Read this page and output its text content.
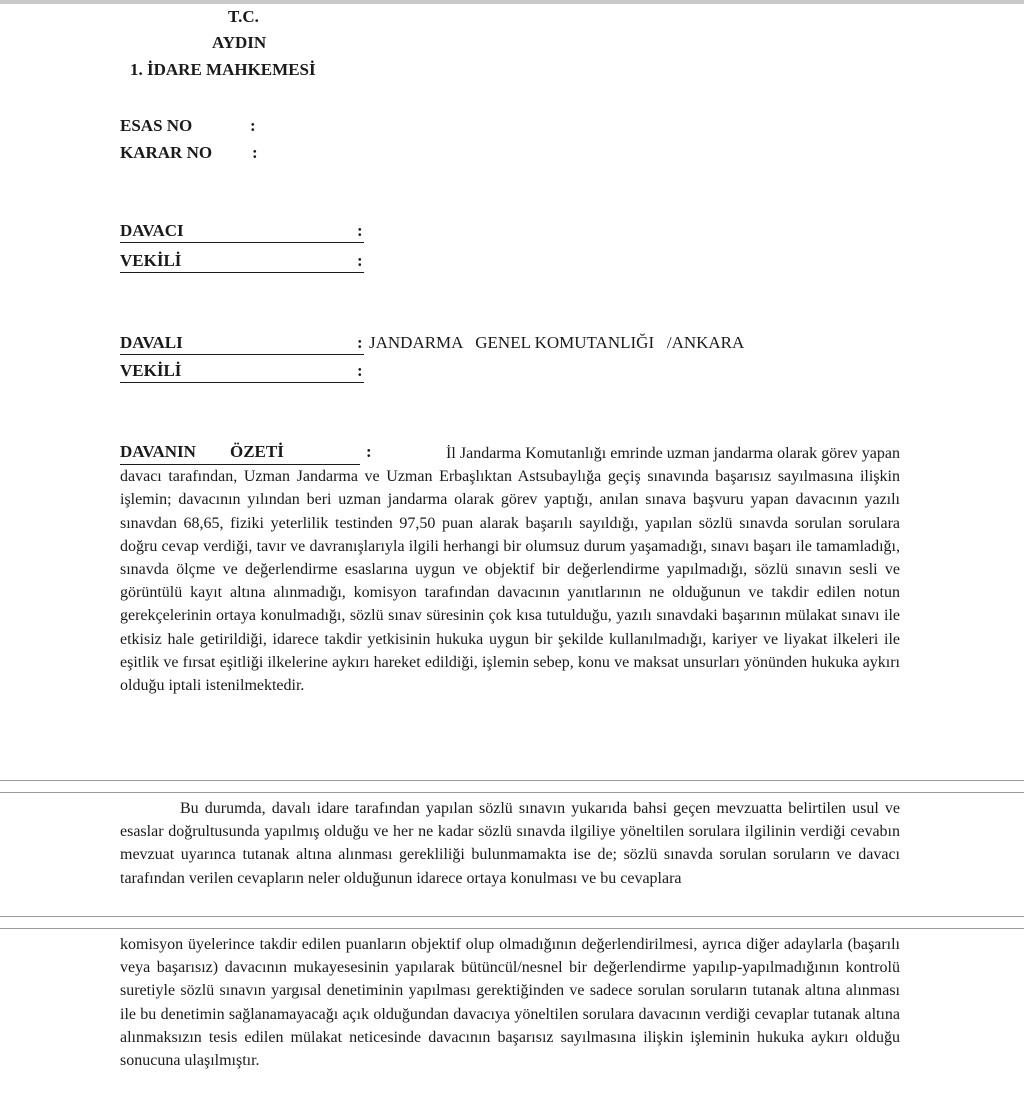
T.C.
AYDIN
1. İDARE MAHKEMESİ
ESAS NO	:
KARAR NO :
DAVACI	:
VEKİLİ	:
DAVALI	: JANDARMA   GENEL KOMUTANLIĞI   /ANKARA
VEKİLİ	:
DAVANIN ÖZETİ	:	İl Jandarma Komutanlığı emrinde uzman jandarma olarak görev yapan davacı tarafından, Uzman Jandarma ve Uzman Erbaşlıktan Astsubaylığa geçiş sınavında başarısız sayılmasına ilişkin işlemin; davacının yılından beri uzman jandarma olarak görev yaptığı, anılan sınava başvuru yapan davacının yazılı sınavdan 68,65, fiziki yeterlilik testinden 97,50 puan alarak başarılı sayıldığı, yapılan sözlü sınavda sorulan sorulara doğru cevap verdiği, tavır ve davranışlarıyla ilgili herhangi bir olumsuz durum yaşamadığı, sınavı başarı ile tamamladığı, sınavda ölçme ve değerlendirme esaslarına uygun ve objektif bir değerlendirme yapılmadığı, sözlü sınavın sesli ve görüntülü kayıt altına alınmadığı, komisyon tarafından davacının yanıtlarının ne olduğunun ve takdir edilen notun gerekçelerinin ortaya konulmadığı, sözlü sınav süresinin çok kısa tutulduğu, yazılı sınavdaki başarının mülakat sınavı ile etkisiz hale getirildiği, idarece takdir yetkisinin hukuka uygun bir şekilde kullanılmadığı, kariyer ve liyakat ilkeleri ile eşitlik ve fırsat eşitliği ilkelerine aykırı hareket edildiği, işlemin sebep, konu ve maksat unsurları yönünden hukuka aykırı olduğu iptali istenilmektedir.
Bu durumda, davalı idare tarafından yapılan sözlü sınavın yukarıda bahsi geçen mevzuatta belirtilen usul ve esaslar doğrultusunda yapılmış olduğu ve her ne kadar sözlü sınavda ilgiliye yöneltilen sorulara ilgilinin verdiği cevabın mevzuat uyarınca tutanak altına alınması gerekliliği bulunmamakta ise de; sözlü sınavda sorulan soruların ve davacı tarafından verilen cevapların neler olduğunun idarece ortaya konulması ve bu cevaplara
komisyon üyelerince takdir edilen puanların objektif olup olmadığının değerlendirilmesi, ayrıca diğer adaylarla (başarılı veya başarısız) davacının mukayesesinin yapılarak bütüncül/nesnel bir değerlendirme yapılıp-yapılmadığının kontrolü suretiyle sözlü sınavın yargısal denetiminin yapılması gerektiğinden ve sadece sorulan soruların tutanak altına alınması ile bu denetimin sağlanamayacağı açık olduğundan davacıya yöneltilen sorulara davacının verdiği cevaplar tutanak altına alınmaksızın tesis edilen mülakat neticesinde davacının başarısız sayılmasına ilişkin işleminin hukuka aykırı olduğu sonucuna ulaşılmıştır.
